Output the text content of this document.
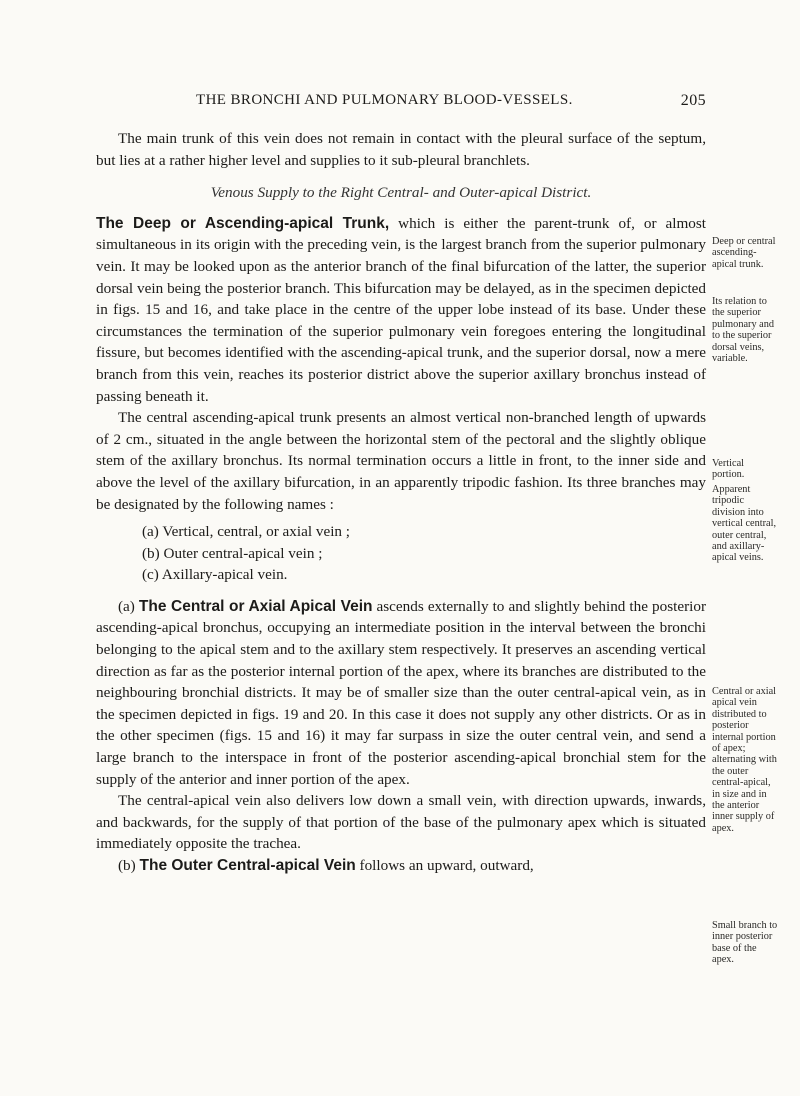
THE BRONCHI AND PULMONARY BLOOD-VESSELS.	205

The main trunk of this vein does not remain in contact with the pleural surface of the septum, but lies at a rather higher level and supplies to it sub-pleural branchlets.

Venous Supply to the Right Central- and Outer-apical District.

The Deep or Ascending-apical Trunk, which is either the parent-trunk of, or almost simultaneous in its origin with the preceding vein, is the largest branch from the superior pulmonary vein. It may be looked upon as the anterior branch of the final bifurcation of the latter, the superior dorsal vein being the posterior branch. This bifurcation may be delayed, as in the specimen depicted in figs. 15 and 16, and take place in the centre of the upper lobe instead of its base. Under these circumstances the termination of the superior pulmonary vein foregoes entering the longitudinal fissure, but becomes identified with the ascending-apical trunk, and the superior dorsal, now a mere branch from this vein, reaches its posterior district above the superior axillary bronchus instead of passing beneath it.

The central ascending-apical trunk presents an almost vertical non-branched length of upwards of 2 cm., situated in the angle between the horizontal stem of the pectoral and the slightly oblique stem of the axillary bronchus. Its normal termination occurs a little in front, to the inner side and above the level of the axillary bifurcation, in an apparently tripodic fashion. Its three branches may be designated by the following names :

(a) Vertical, central, or axial vein ;

(b) Outer central-apical vein ;

(c) Axillary-apical vein.

(a) The Central or Axial Apical Vein ascends externally to and slightly behind the posterior ascending-apical bronchus, occupying an intermediate position in the interval between the bronchi belonging to the apical stem and to the axillary stem respectively. It preserves an ascending vertical direction as far as the posterior internal portion of the apex, where its branches are distributed to the neighbouring bronchial districts. It may be of smaller size than the outer central-apical vein, as in the specimen depicted in figs. 19 and 20. In this case it does not supply any other districts. Or as in the other specimen (figs. 15 and 16) it may far surpass in size the outer central vein, and send a large branch to the interspace in front of the posterior ascending-apical bronchial stem for the supply of the anterior and inner portion of the apex.

The central-apical vein also delivers low down a small vein, with direction upwards, inwards, and backwards, for the supply of that portion of the base of the pulmonary apex which is situated immediately opposite the trachea.

(b) The Outer Central-apical Vein follows an upward, outward,

Deep or central ascending-apical trunk.
Its relation to the superior pulmonary and to the superior dorsal veins, variable.
Vertical portion.
Apparent tripodic division into vertical central, outer central, and axillary-apical veins.
Central or axial apical vein distributed to posterior internal portion of apex; alternating with the outer central-apical, in size and in the anterior inner supply of apex.
Small branch to inner posterior base of the apex.
